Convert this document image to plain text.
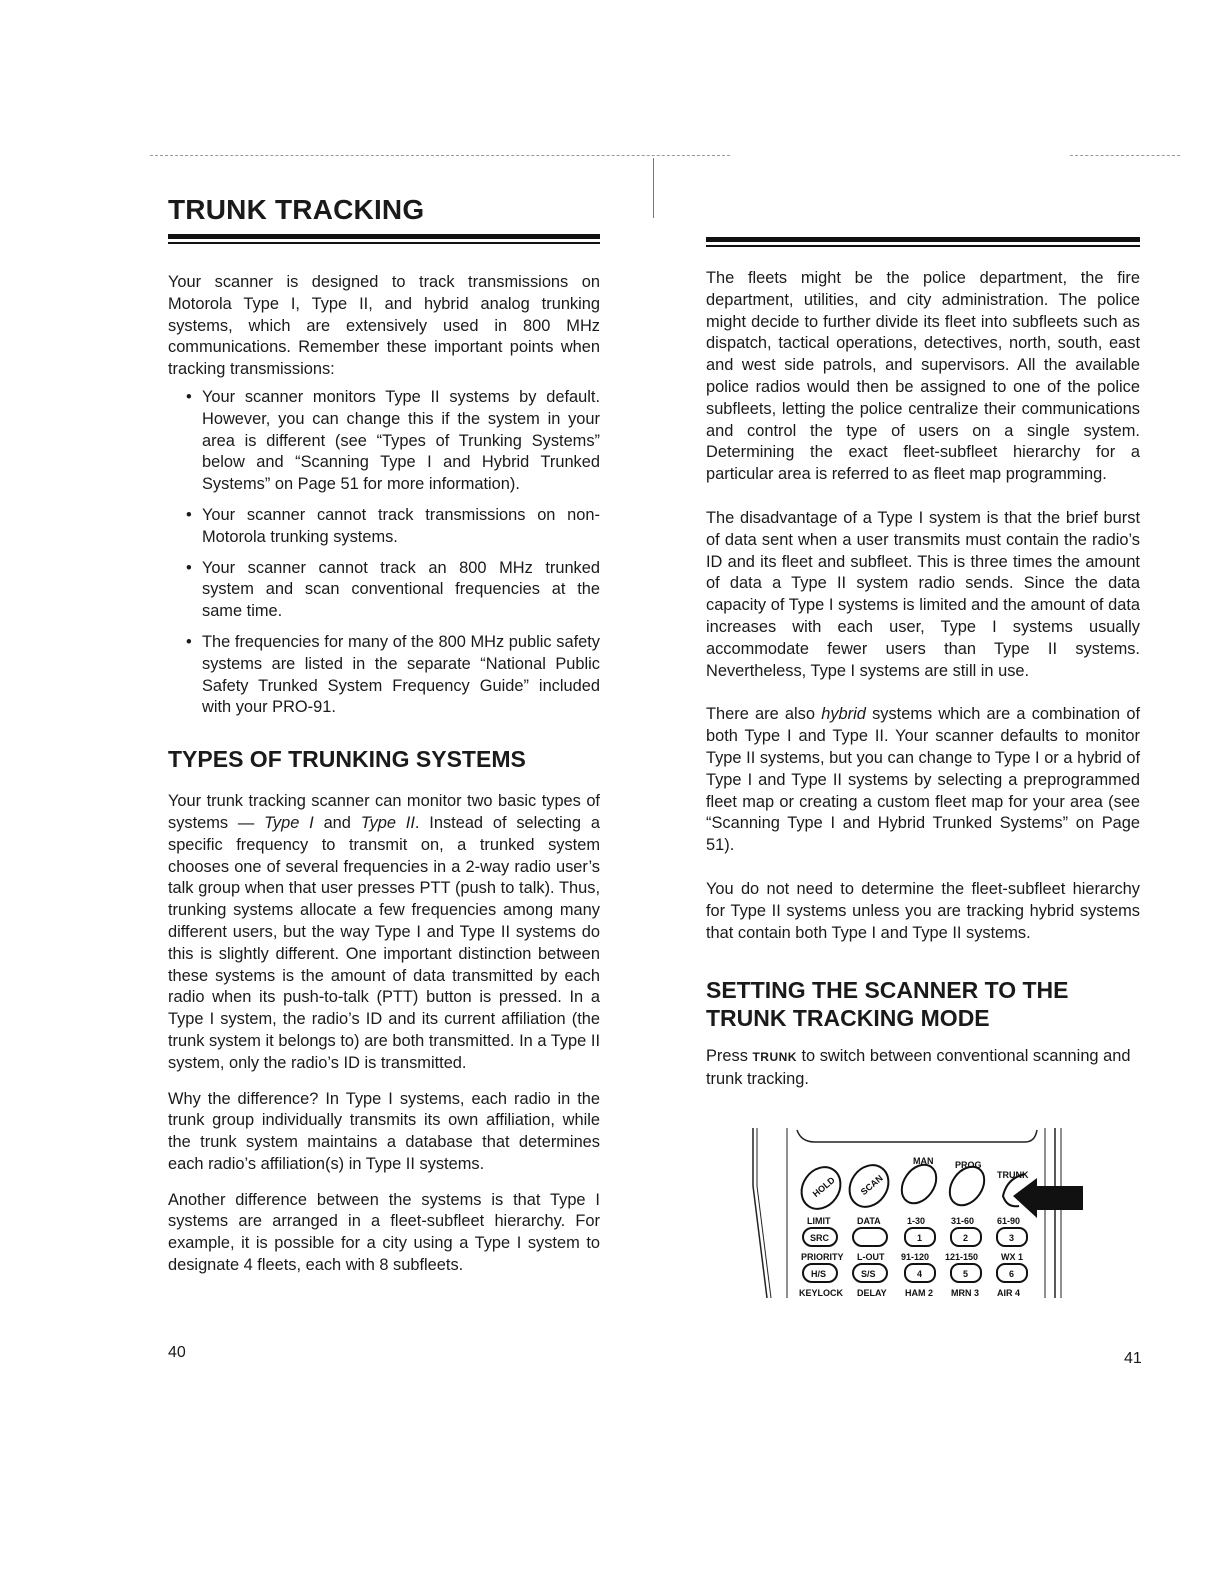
TRUNK TRACKING

Your scanner is designed to track transmissions on Motorola Type I, Type II, and hybrid analog trunking systems, which are extensively used in 800 MHz communications. Remember these important points when tracking transmissions:

• Your scanner monitors Type II systems by default. However, you can change this if the system in your area is different (see “Types of Trunking Systems” below and “Scanning Type I and Hybrid Trunked Systems” on Page 51 for more information).
• Your scanner cannot track transmissions on non-Motorola trunking systems.
• Your scanner cannot track an 800 MHz trunked system and scan conventional frequencies at the same time.
• The frequencies for many of the 800 MHz public safety systems are listed in the separate “National Public Safety Trunked System Frequency Guide” included with your PRO-91.
TYPES OF TRUNKING SYSTEMS

Your trunk tracking scanner can monitor two basic types of systems — Type I and Type II. Instead of selecting a specific frequency to transmit on, a trunked system chooses one of several frequencies in a 2-way radio user’s talk group when that user presses PTT (push to talk). Thus, trunking systems allocate a few frequencies among many different users, but the way Type I and Type II systems do this is slightly different. One important distinction between these systems is the amount of data transmitted by each radio when its push-to-talk (PTT) button is pressed. In a Type I system, the radio’s ID and its current affiliation (the trunk system it belongs to) are both transmitted. In a Type II system, only the radio’s ID is transmitted.

Why the difference? In Type I systems, each radio in the trunk group individually transmits its own affiliation, while the trunk system maintains a database that determines each radio’s affiliation(s) in Type II systems.

Another difference between the systems is that Type I systems are arranged in a fleet-subfleet hierarchy. For example, it is possible for a city using a Type I system to designate 4 fleets, each with 8 subfleets.

40

The fleets might be the police department, the fire department, utilities, and city administration. The police might decide to further divide its fleet into subfleets such as dispatch, tactical operations, detectives, north, south, east and west side patrols, and supervisors. All the available police radios would then be assigned to one of the police subfleets, letting the police centralize their communications and control the type of users on a single system. Determining the exact fleet-subfleet hierarchy for a particular area is referred to as fleet map programming.

The disadvantage of a Type I system is that the brief burst of data sent when a user transmits must contain the radio’s ID and its fleet and subfleet. This is three times the amount of data a Type II system radio sends. Since the data capacity of Type I systems is limited and the amount of data increases with each user, Type I systems usually accommodate fewer users than Type II systems. Nevertheless, Type I systems are still in use.

There are also hybrid systems which are a combination of both Type I and Type II. Your scanner defaults to monitor Type II systems, but you can change to Type I or a hybrid of Type I and Type II systems by selecting a preprogrammed fleet map or creating a custom fleet map for your area (see “Scanning Type I and Hybrid Trunked Systems” on Page 51).

You do not need to determine the fleet-subfleet hierarchy for Type II systems unless you are tracking hybrid systems that contain both Type I and Type II systems.

SETTING THE SCANNER TO THE
TRUNK TRACKING MODE

Press TRUNK to switch between conventional scanning and trunk tracking.

MAN PROG
TRUNK
HOLD SCAN
LIMIT	DATA	1-30	31-60	61-90
SRC	1	2	3
PRIORITY L-OUT 91-120 121-150	WX 1
H/S	S/S	4	5	6
KEYLOCK DELAY HAM 2 MRN 3 AIR 4
41
